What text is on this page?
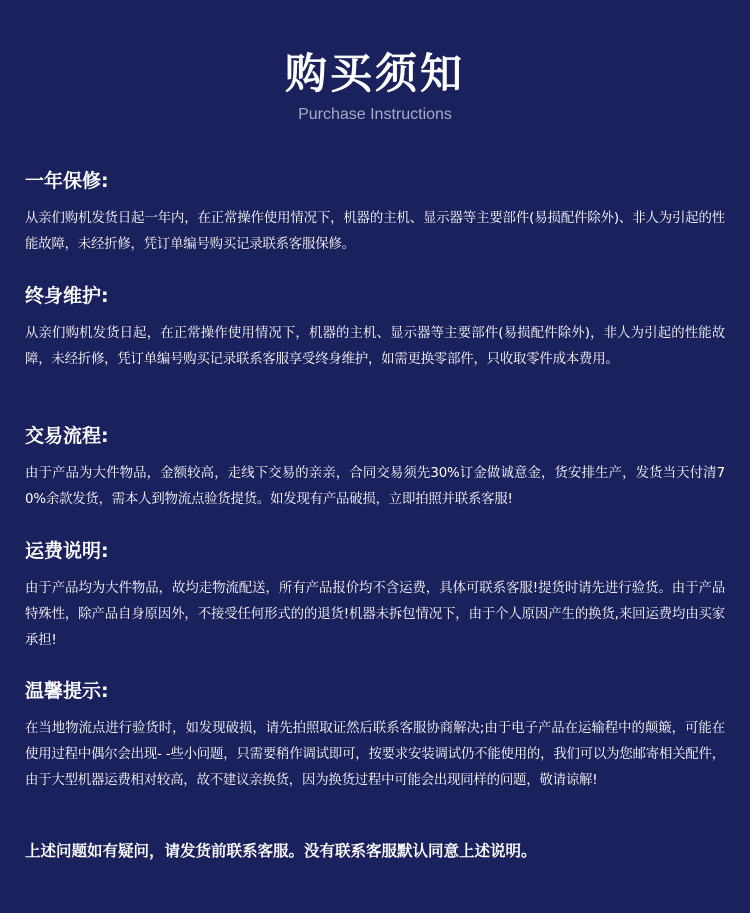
购买须知
Purchase Instructions
一年保修:
从亲们购机发货日起一年内，在正常操作使用情况下，机器的主机、显示器等主要部件(易损配件除外)、非人为引起的性能故障，未经折修，凭订单编号购买记录联系客服保修。
终身维护:
从亲们购机发货日起，在正常操作使用情况下，机器的主机、显示器等主要部件(易损配件除外)，非人为引起的性能故障，未经折修，凭订单编号购买记录联系客服享受终身维护，如需更换零部件，只收取零件成本费用。
交易流程:
由于产品为大件物品，金额较高，走线下交易的亲亲，合同交易须先30%订金做诚意金，货安排生产，发货当天付清70%余款发货，需本人到物流点验货提货。如发现有产品破损，立即拍照并联系客服!
运费说明:
由于产品均为大件物品，故均走物流配送，所有产品报价均不含运费，具体可联系客服!提货时请先进行验货。由于产品特殊性，除产品自身原因外，不接受任何形式的的退货!机器未拆包情况下，由于个人原因产生的换货,来回运费均由买家承担!
温馨提示:
在当地物流点进行验货时，如发现破损，请先拍照取证然后联系客服协商解决;由于电子产品在运输程中的颠簸，可能在使用过程中偶尔会出现- -些小问题，只需要稍作调试即可，按要求安装调试仍不能使用的，我们可以为您邮寄相关配件，由于大型机器运费相对较高，故不建议亲换货，因为换货过程中可能会出现同样的问题，敬请谅解!
上述问题如有疑问，请发货前联系客服。没有联系客服默认同意上述说明。
